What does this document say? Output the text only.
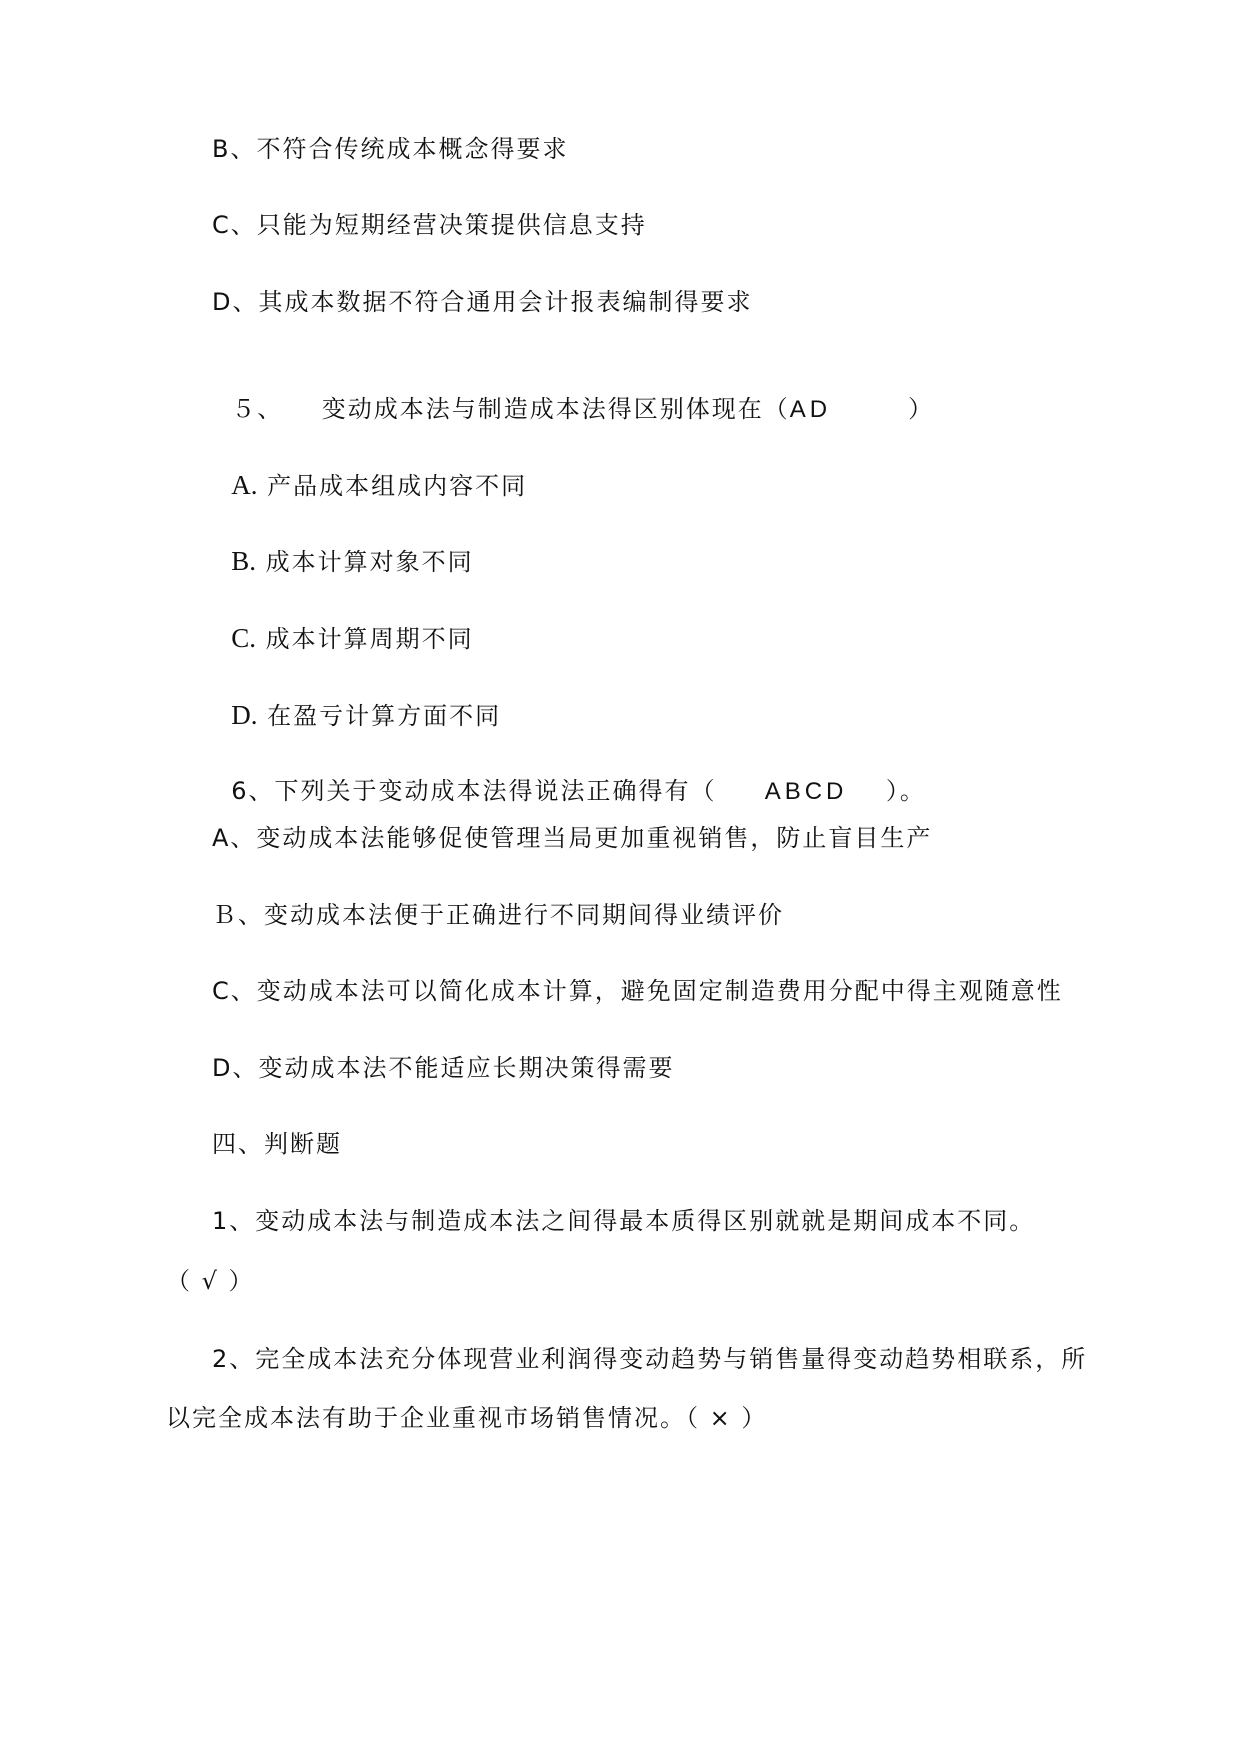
B、不符合传统成本概念得要求
C、只能为短期经营决策提供信息支持
D、其成本数据不符合通用会计报表编制得要求

５、    变动成本法与制造成本法得区别体现在（AD	）

A. 产品成本组成内容不同

B. 成本计算对象不同

C. 成本计算周期不同

D. 在盈亏计算方面不同

6、下列关于变动成本法得说法正确得有（ ABCD ）。

A、变动成本法能够促使管理当局更加重视销售，防止盲目生产
Ｂ、变动成本法便于正确进行不同期间得业绩评价
C、变动成本法可以简化成本计算，避免固定制造费用分配中得主观随意性
D、变动成本法不能适应长期决策得需要
四、判断题
1、变动成本法与制造成本法之间得最本质得区别就就是期间成本不同。
（ √ ）
2、完全成本法充分体现营业利润得变动趋势与销售量得变动趋势相联系，所
以完全成本法有助于企业重视市场销售情况。（ × ）
